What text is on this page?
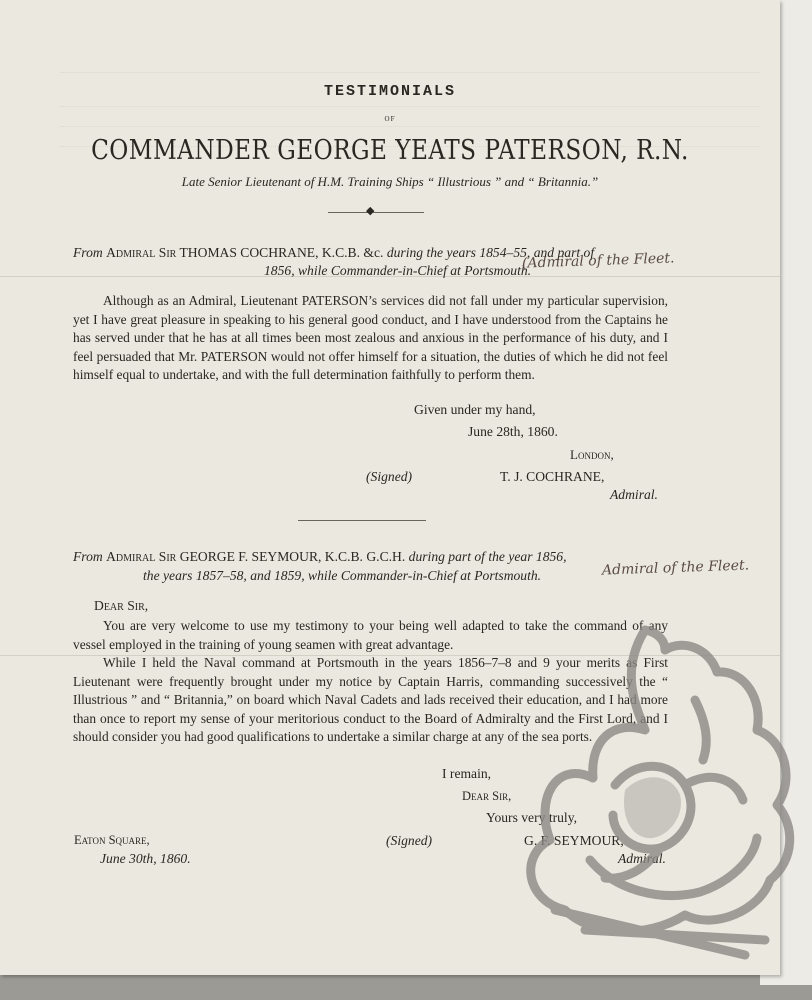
TESTIMONIALS
OF
COMMANDER GEORGE YEATS PATERSON, R.N.
Late Senior Lieutenant of H.M. Training Ships “ Illustrious ” and “ Britannia.”
◆
From Admiral Sir THOMAS COCHRANE, K.C.B. &c. during the years 1854–55, and part of
1856, while Commander-in-Chief at Portsmouth.
(Admiral of the Fleet.

Although as an Admiral, Lieutenant PATERSON’s services did not fall under my particular supervision, yet I have great pleasure in speaking to his general good conduct, and I have understood from the Captains he has served under that he has at all times been most zealous and anxious in the performance of his duty, and I feel persuaded that Mr. PATERSON would not offer himself for a situation, the duties of which he did not feel himself equal to undertake, and with the full determination faithfully to perform them.

Given under my hand,
June 28th, 1860.
London,
(Signed)	T. J. COCHRANE,
Admiral.
From Admiral Sir GEORGE F. SEYMOUR, K.C.B. G.C.H. during part of the year 1856,
the years 1857–58, and 1859, while Commander-in-Chief at Portsmouth.	Admiral of the Fleet.
Dear Sir,

You are very welcome to use my testimony to your being well adapted to take the command of any vessel employed in the training of young seamen with great advantage.

While I held the Naval command at Portsmouth in the years 1856–7–8 and 9 your merits as First Lieutenant were frequently brought under my notice by Captain Harris, commanding successively the “ Illustrious ” and “ Britannia,” on board which Naval Cadets and lads received their education, and I had more than once to report my sense of your meritorious conduct to the Board of Admiralty and the First Lord, and I should consider you had good qualifications to undertake a similar charge at any of the sea ports.

I remain,
Dear Sir,
Yours very truly,
Eaton Square,
June 30th, 1860.
(Signed)	G. F. SEYMOUR,
Admiral.
